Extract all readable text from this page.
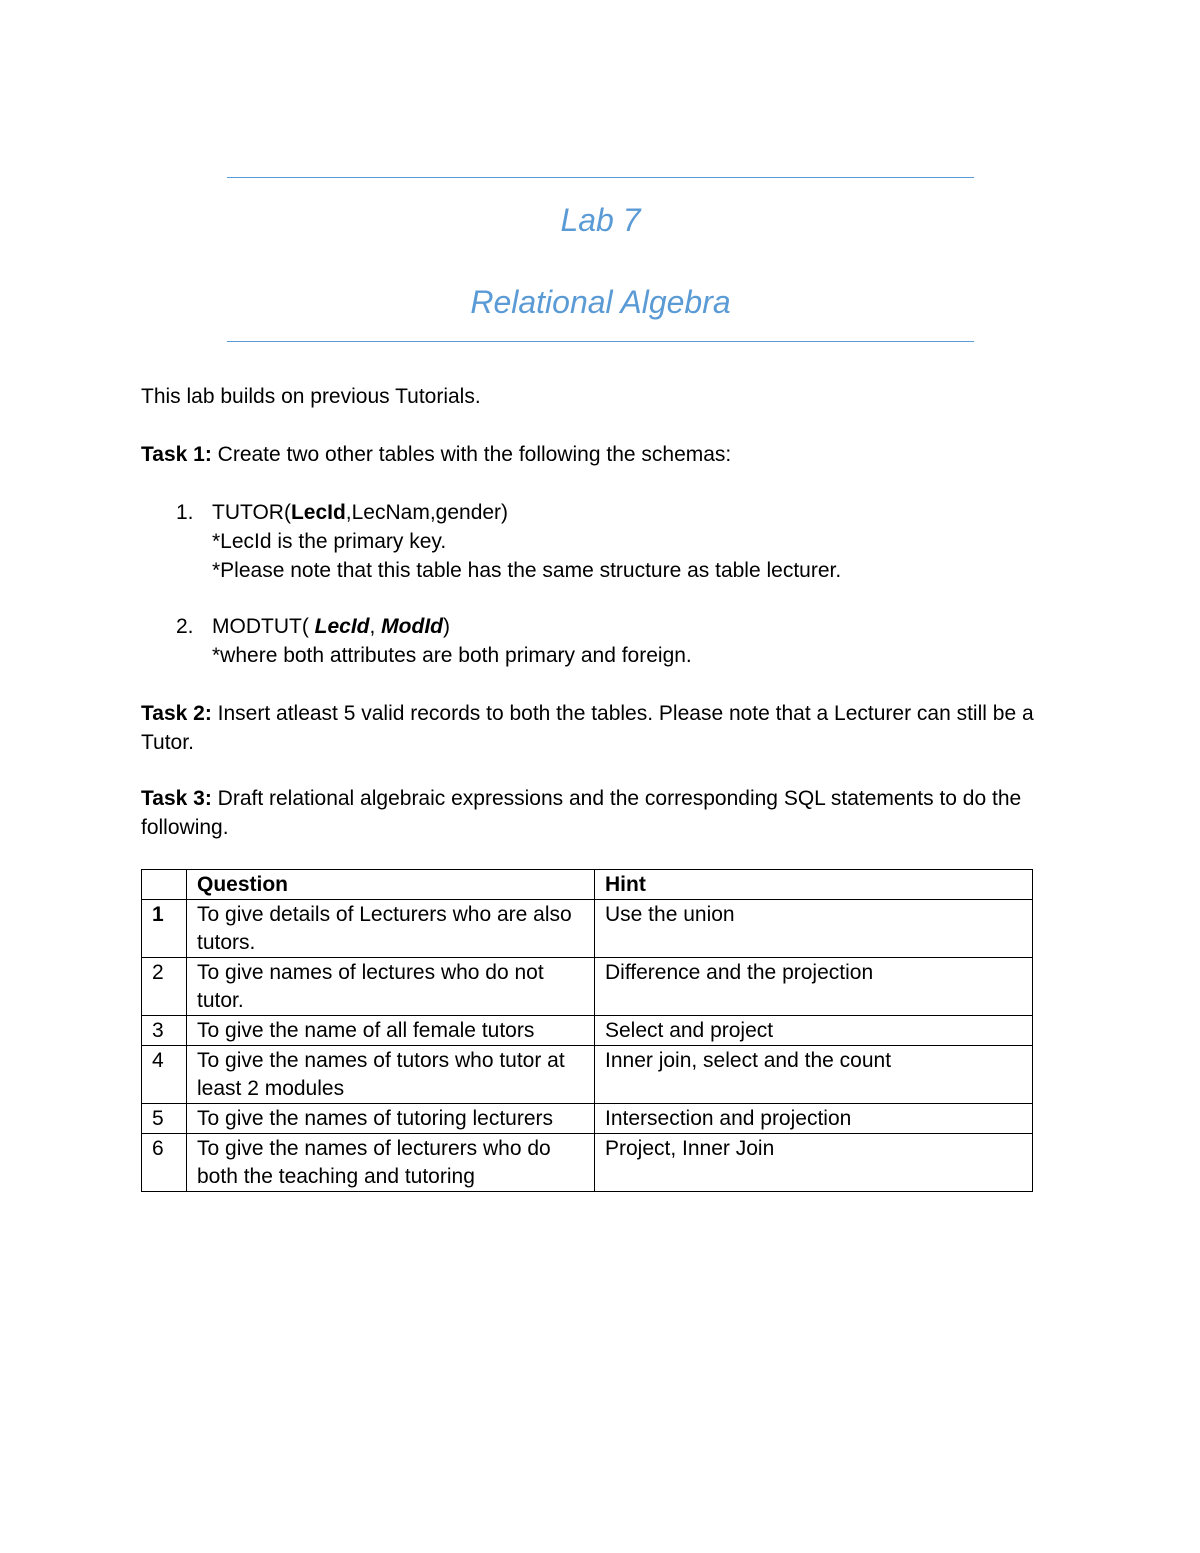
Lab 7
Relational Algebra
This lab builds on previous Tutorials.
Task 1: Create two other tables with the following the schemas:
1. TUTOR(LecId,LecNam,gender)
*LecId is the primary key.
*Please note that this table has the same structure as table lecturer.
2. MODTUT( LecId, ModId)
*where both attributes are both primary and foreign.
Task 2: Insert atleast 5 valid records to both the tables. Please note that a Lecturer can still be a Tutor.
Task 3: Draft relational algebraic expressions and the corresponding SQL statements to do the following.
	Question	Hint
1	To give details of Lecturers who are also tutors.	Use the union
2	To give names of lectures who do not tutor.	Difference and the projection
3	To give the name of all female tutors	Select and project
4	To give the names of tutors who tutor at least 2 modules	Inner join, select and the count
5	To give the names of tutoring lecturers	Intersection and projection
6	To give the names of lecturers who do both the teaching and tutoring	Project, Inner Join
